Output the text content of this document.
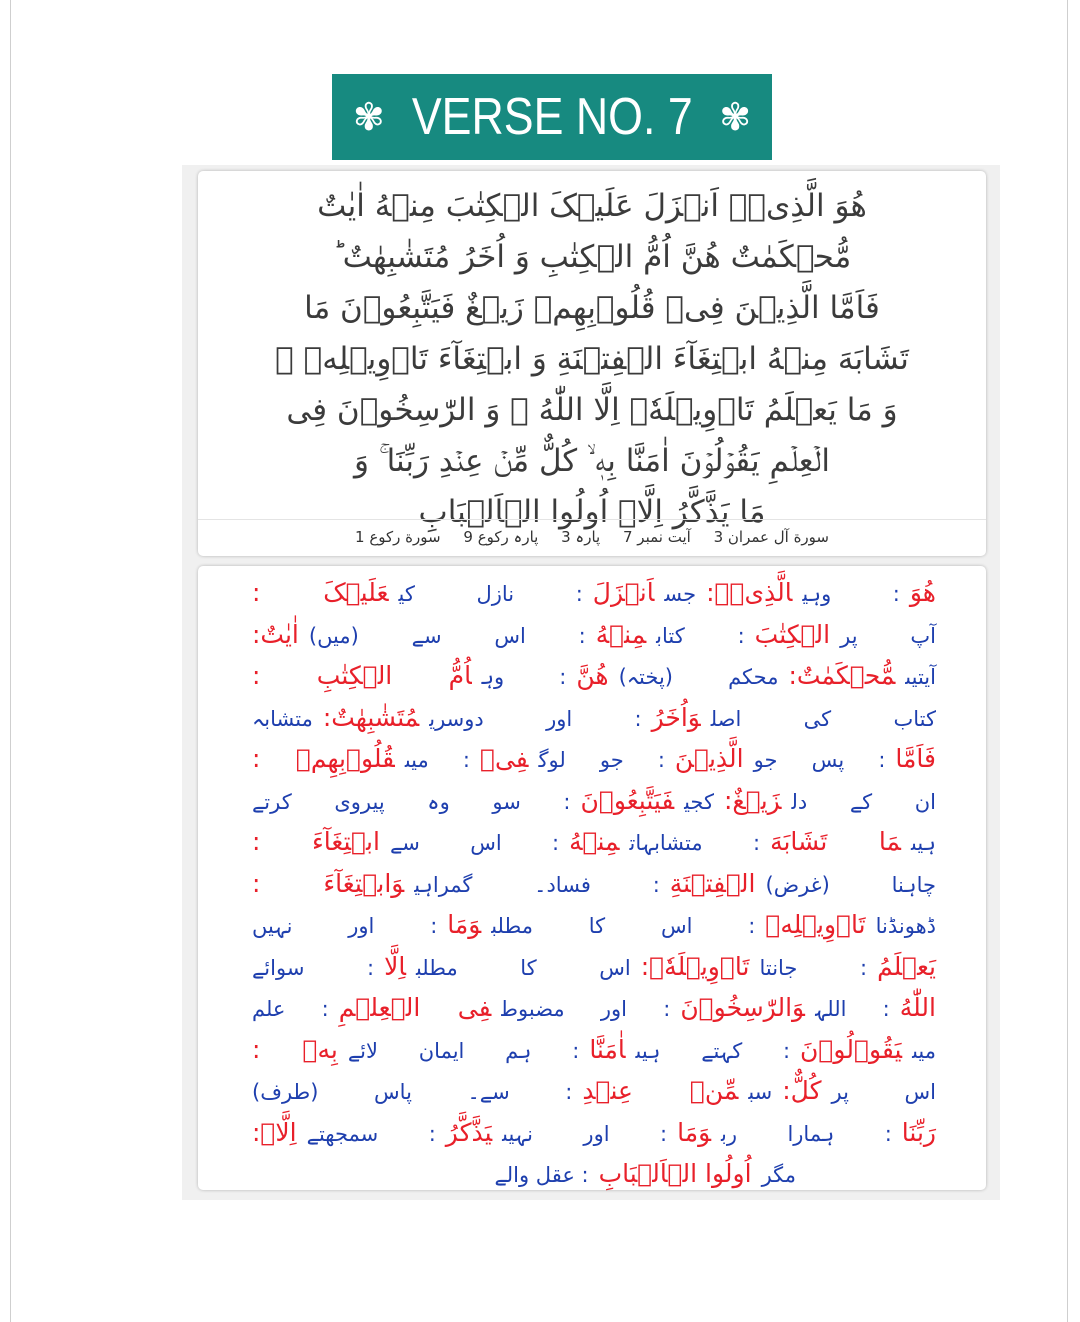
✾ VERSE NO. 7 ✾
هُوَ الَّذِیۡۤ اَنۡزَلَ عَلَیۡکَ الۡکِتٰبَ مِنۡهُ اٰیٰتٌ
مُّحۡکَمٰتٌ هُنَّ اُمُّ الۡکِتٰبِ وَ اُخَرُ مُتَشٰبِهٰتٌ ؕ
فَاَمَّا الَّذِیۡنَ فِیۡ قُلُوۡبِهِمۡ زَیۡغٌ فَیَتَّبِعُوۡنَ مَا
تَشَابَهَ مِنۡهُ ابۡتِغَآءَ الۡفِتۡنَةِ وَ ابۡتِغَآءَ تَاۡوِیۡلِهٖ ۚ
وَ مَا یَعۡلَمُ تَاۡوِیۡلَهٗۤ اِلَّا اللّٰهُ ۘ وَ الرّٰسِخُوۡنَ فِی
الۡعِلۡمِ یَقُوۡلُوۡنَ اٰمَنَّا بِهٖ ۙ کُلٌّ مِّنۡ عِنۡدِ رَبِّنَا ۚ وَ
مَا یَذَّکَّرُ اِلَّاۤ اُولُوا الۡاَلۡبَابِ
سورة آل عمران 3 آیت نمبر 7 پارہ 3 پارہ رکوع 9 سورة رکوع 1
هُوَ: وہیالَّذِیۡۤ:جساَنۡزَلَ: نازل کیعَلَیۡکَ :
آپ پرالۡکِتٰبَ: کتابمِنۡهُ: اس سے (میں)اٰیٰتٌ:
آیتیںمُّحۡکَمٰتٌ:محکم (پختہ)هُنَّ: وہاُمُّ الۡکِتٰبِ :
کتاب کی اصلوَاُخَرُ: اور دوسریمُتَشٰبِهٰتٌ:متشابہ
فَاَمَّا: پس جوالَّذِیۡنَ: جو لوگفِیۡ: میںقُلُوۡبِهِمۡ :
ان کے دلزَیۡغٌ:کجیفَیَتَّبِعُوۡنَ: سو وہ پیروی کرتے
ہیںمَا تَشَابَهَ: متشابہاتمِنۡهُ: اس سےابۡتِغَآءَ :
چاہنا (غرض)الۡفِتۡنَةِ: فساد۔ گمراہیوَابۡتِغَآءَ :
ڈھونڈناتَاۡوِیۡلِهٖ: اس کا مطلبوَمَا: اور نہیں
یَعۡلَمُ: جانتاتَاۡوِیۡلَهٗۤ:اس کا مطلباِلَّا: سوائے
اللّٰهُ: اللہوَالرّٰسِخُوۡنَ: اور مضبوطفِی الۡعِلۡمِ: علم
میںیَقُوۡلُوۡنَ: کہتے ہیںاٰمَنَّا: ہم ایمان لائےبِهٖ :
اس پرکُلٌّ:سبمِّنۡ عِنۡدِ: سے۔ پاس (طرف)
رَبِّنَا: ہمارا ربوَمَا: اور نہیںیَذَّکَّرُ: سمجھتےاِلَّاۤ:
مگراُولُوا الۡاَلۡبَابِ: عقل والے
